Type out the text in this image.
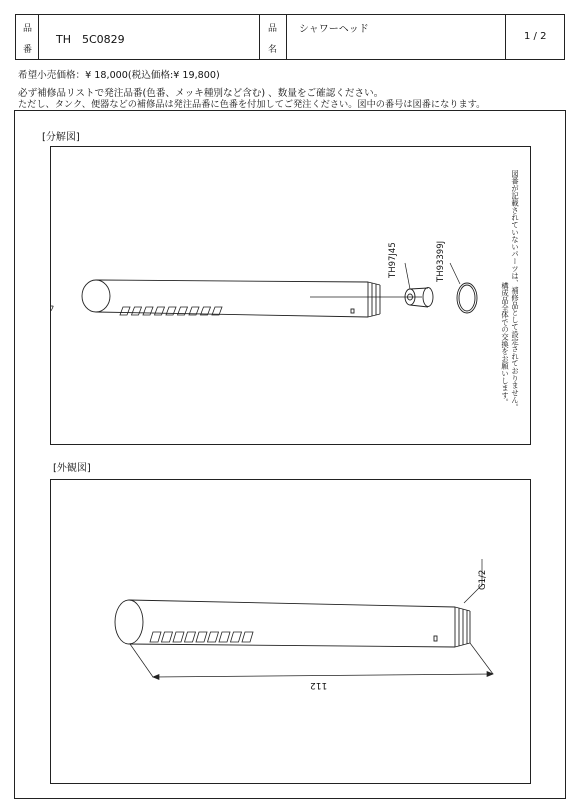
品
番
TH　5C0829
品
名
シャワーヘッド
1 / 2
希望小売価格：¥ 18,000(税込価格:¥ 19,800)
必ず補修品リストで発注品番(色番、メッキ種別など含む) 、数量をご確認ください。
ただし、タンク、便器などの補修品は発注品番に色番を付加してご発注ください。図中の番号は図番になります。
[分解図]
TH97J45	TH93399J	図番が記載されていないパーツは、補修品として設定されておりません。
構成品全体での交換をお願いします。
[外観図]
G1/2
112
